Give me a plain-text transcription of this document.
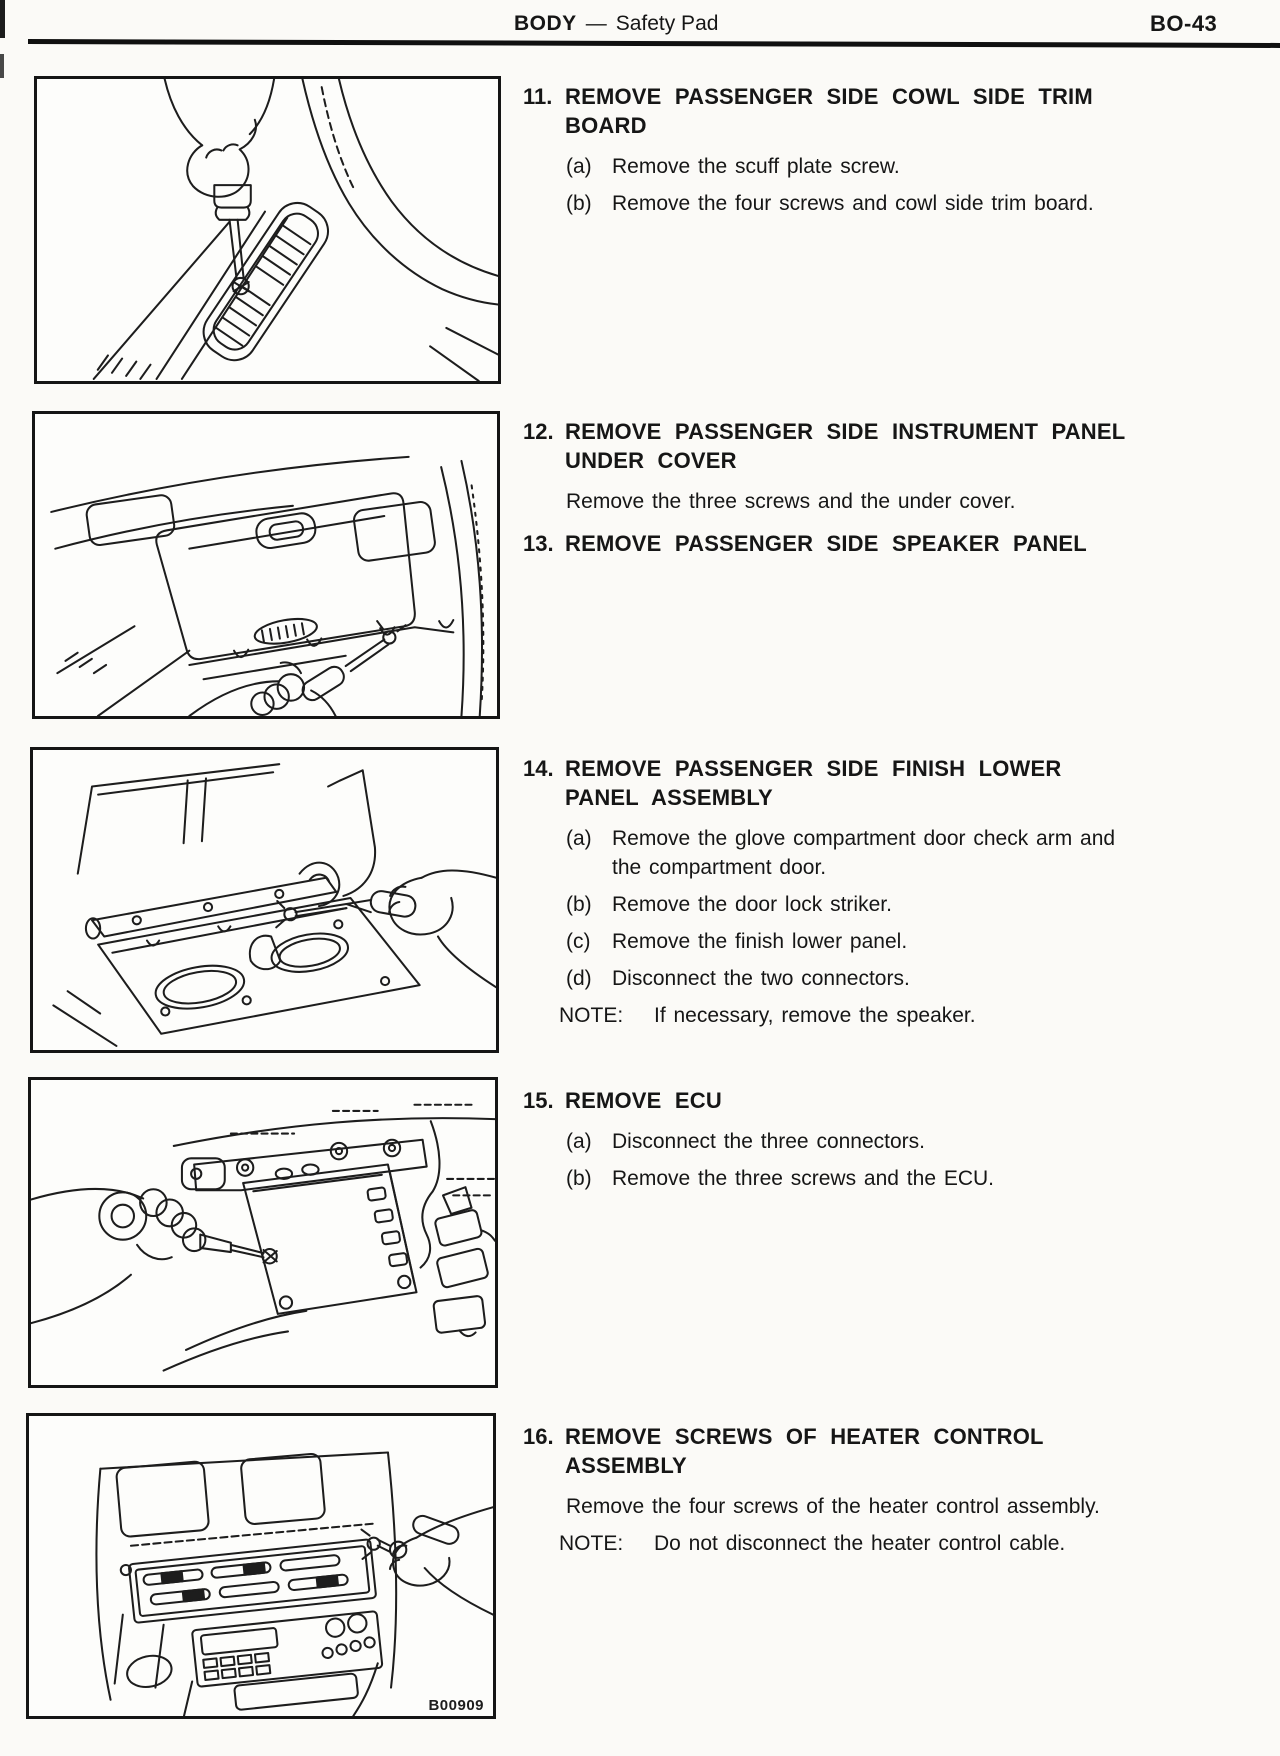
BODY — Safety Pad	BO-43
B00909
11. REMOVE PASSENGER SIDE COWL SIDE TRIM
BOARD
(a) Remove the scuff plate screw.
(b) Remove the four screws and cowl side trim board.
12. REMOVE PASSENGER SIDE INSTRUMENT PANEL
UNDER COVER
Remove the three screws and the under cover.
13. REMOVE PASSENGER SIDE SPEAKER PANEL
14. REMOVE PASSENGER SIDE FINISH LOWER
PANEL ASSEMBLY
(a) Remove the glove compartment door check arm and the compartment door.
(b) Remove the door lock striker.
(c)	Remove the finish lower panel.
(d) Disconnect the two connectors.
NOTE:	If necessary, remove the speaker.
15. REMOVE ECU
(a) Disconnect the three connectors.
(b) Remove the three screws and the ECU.
16. REMOVE SCREWS OF HEATER CONTROL
ASSEMBLY
Remove the four screws of the heater control assembly.
NOTE:	Do not disconnect the heater control cable.
